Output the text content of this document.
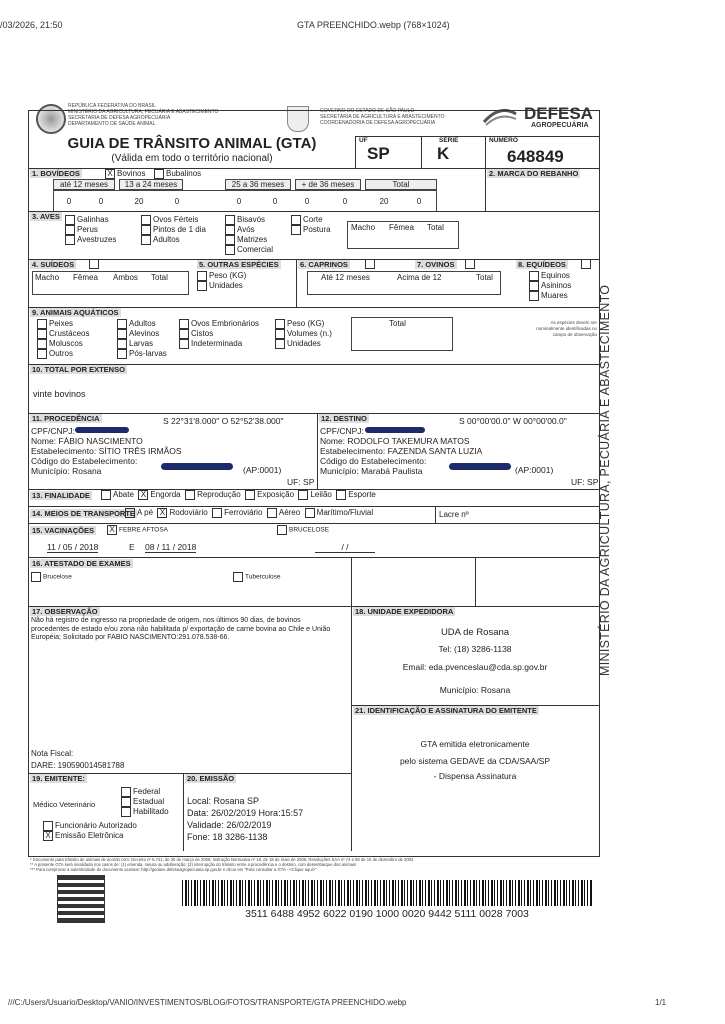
/03/2026, 21:50	GTA PREENCHIDO.webp (768×1024)
///C:/Users/Usuario/Desktop/VANIO/INVESTIMENTOS/BLOG/FOTOS/TRANSPORTE/GTA PREENCHIDO.webp	1/1
REPÚBLICA FEDERATIVA DO BRASIL
MINISTÉRIO DA AGRICULTURA, PECUÁRIA E ABASTECIMENTO
SECRETARIA DE DEFESA AGROPECUÁRIA
DEPARTAMENTO DE SAÚDE ANIMAL
GOVERNO DO ESTADO DE SÃO PAULO
SECRETARIA DE AGRICULTURA E ABASTECIMENTO
COORDENADORIA DE DEFESA AGROPECUÁRIA	DEFESA
AGROPECUÁRIA
GUIA DE TRÂNSITO ANIMAL (GTA)
(Válida em todo o território nacional)
UF
SP
SÉRIE
K
NÚMERO
648849
1. BOVÍDEOS	X Bovinos	Bubalinos
até 12 meses	13 a 24 meses	25 a 36 meses	+ de 36 meses	Total
0	0	20	0	0	0	0	0	20	0
2. MARCA DO REBANHO
3. AVES	Galinhas
Perus
Avestruzes
Ovos Férteis
Pintos de 1 dia
Adultos
Bisavós
Avós
Matrizes
Comercial
Corte
Postura	Macho Fêmea Total
4. SUÍDEOS
Macho Fêmea Ambos Total
5. OUTRAS ESPÉCIES
Peso (KG)
Unidades
6. CAPRINOS
Até 12 meses	Acima de 12	Total
7. OVINOS	8. EQUÍDEOS
Equinos
Asininos
Muares
9. ANIMAIS AQUÁTICOS
Peixes
Crustáceos
Moluscos
Outros
Adultos
Alevinos
Larvas
Pós-larvas
Ovos Embrionários
Cistos
Indeterminada
Peso (KG)
Volumes (n.)
Unidades
Total	As espécies devem ser nominalmente identificadas no campo de observação
10. TOTAL POR EXTENSO
vinte bovinos
11. PROCEDÊNCIA	S 22°31'8.000" O 52°52'38.000"
CPF/CNPJ:
Nome: FÁBIO NASCIMENTO
Estabelecimento: SÍTIO TRÊS IRMÃOS
Código do Estabelecimento:
Município: Rosana	(AP:0001)
UF: SP
12. DESTINO	S 00°00'00.0" W 00°00'00.0"
CPF/CNPJ:
Nome: RODOLFO TAKEMURA MATOS
Estabelecimento: FAZENDA SANTA LUZIA
Código do Estabelecimento:
Município: Marabá Paulista	(AP:0001)
UF: SP
13. FINALIDADE	Abate X Engorda Reprodução Exposição Leilão Esporte
14. MEIOS DE TRANSPORTE A pé X Rodoviário Ferroviário Aéreo Marítimo/Fluvial	Lacre nº
15. VACINAÇÕES X FEBRE AFTOSA	BRUCELOSE
11 / 05 / 2018	E 08 / 11 / 2018	/ /
16. ATESTADO DE EXAMES
Brucelose	Tuberculose
17. OBSERVAÇÃO
Não há registro de ingresso na propriedade de origem, nos últimos 90 dias, de bovinos procedentes de estado e/ou zona não habilitada p/ exportação de carne bovina ao Chile e União Européia; Solicitado por FABIO NASCIMENTO:291.078.538-66.
Nota Fiscal:
DARE: 190590014581788
18. UNIDADE EXPEDIDORA
UDA de Rosana
Tel: (18) 3286-1138
Email: eda.pvenceslau@cda.sp.gov.br
Município: Rosana
21. IDENTIFICAÇÃO E ASSINATURA DO EMITENTE
GTA emitida eletronicamente
pelo sistema GEDAVE da CDA/SAA/SP
- Dispensa Assinatura
19. EMITENTE:
Médico Veterinário
Federal
Estadual
Habilitado
Funcionário Autorizado
X Emissão Eletrônica
20. EMISSÃO
Local: Rosana SP
Data: 26/02/2019 Hora:15:57
Validade: 26/02/2019
Fone: 18 3286-1138
* Documento para trânsito de animais de acordo com: Decreto nº 5.741, de 30 de março de 2006; Instrução Normativa nº 18, de 18 de maio de 2006; Resoluções SAA nº 74 e 80 de 15 de dezembro de 2002
** A presente GTA será invalidada nos casos de: (1) emenda, rasura ou adulteração; (2) interrupção do trânsito entre a procedência e o destino, com desembarque dos animais
*** Para comprovar a autenticidade do documento acessar: http://gedave.defesaagropecuaria.sp.gov.br e clicar em "Para consultar a GTA - <Clique aqui>"
3511 6488 4952 6022 0190 1000 0020 9442 5111 0028 7003
MINISTÉRIO DA AGRICULTURA, PECUÁRIA E ABASTECIMENTO
